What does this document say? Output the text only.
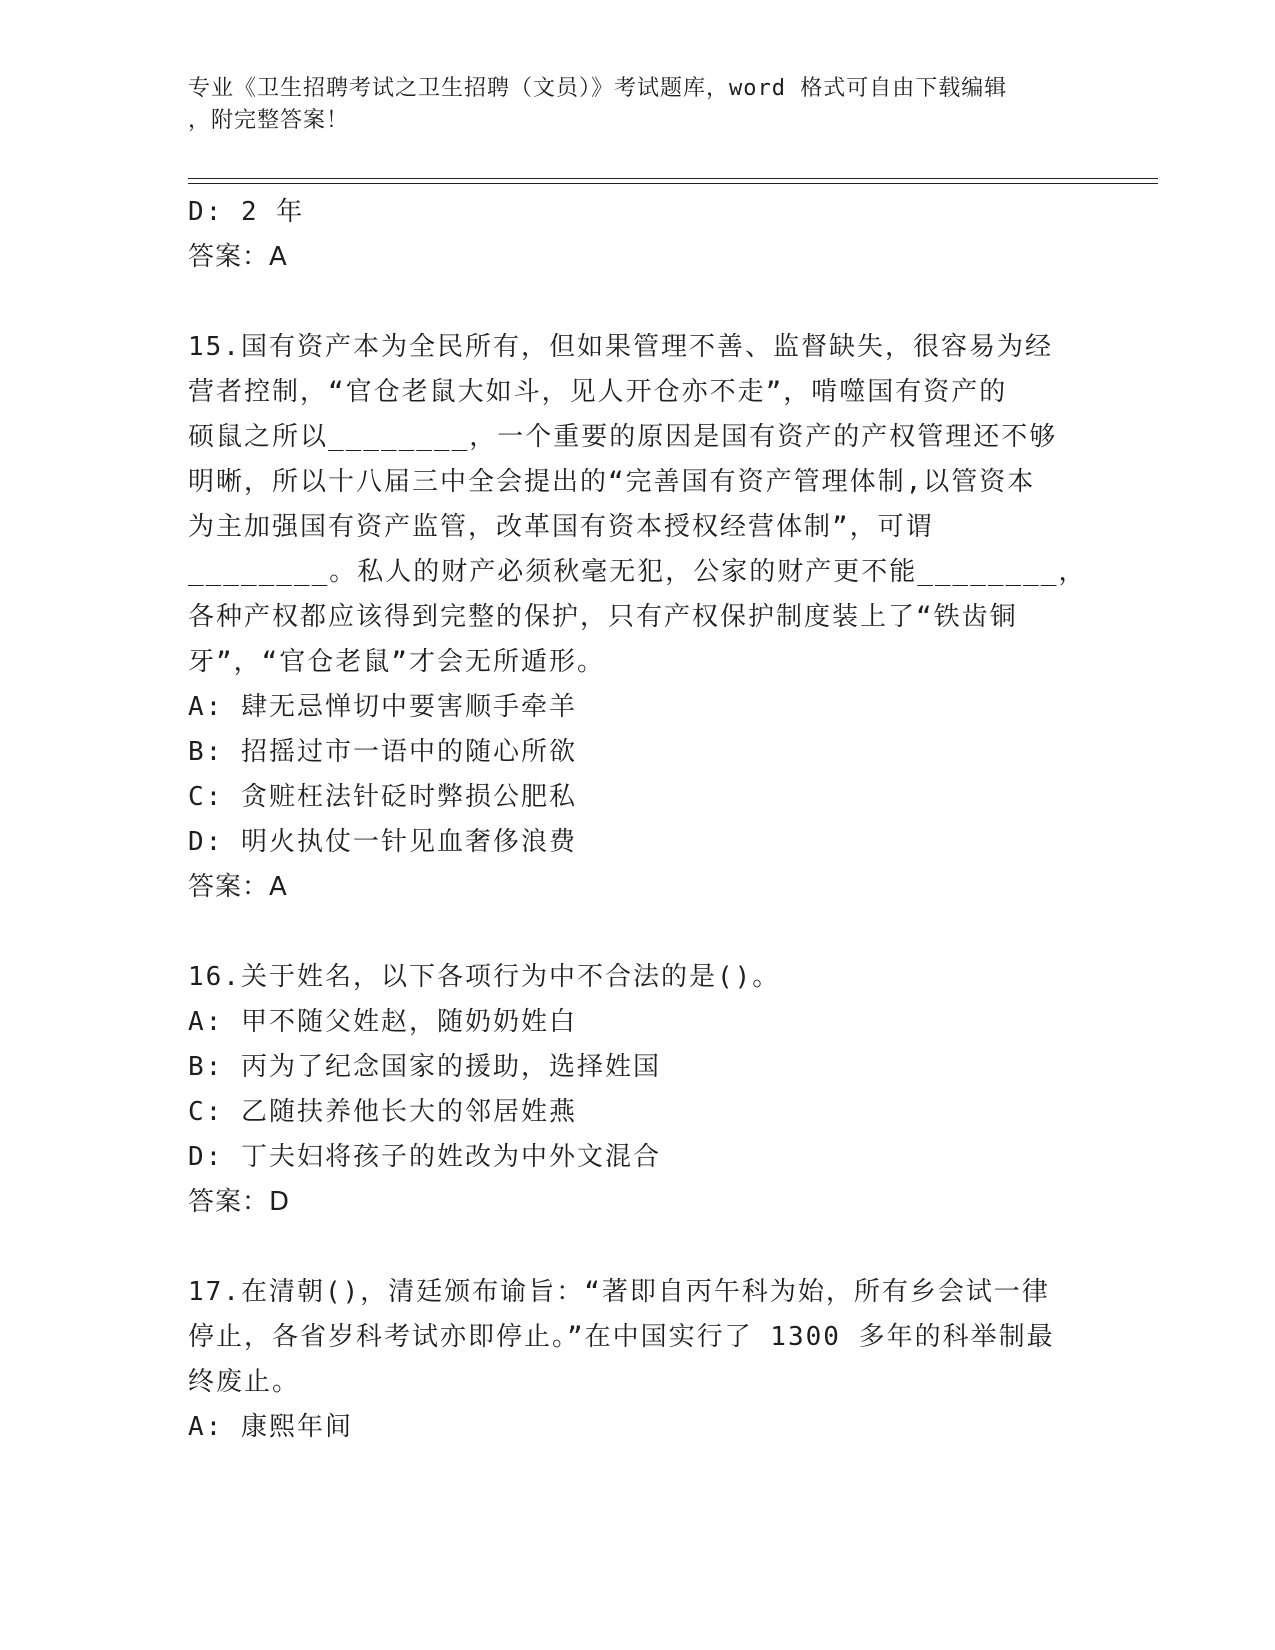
专业《卫生招聘考试之卫生招聘（文员）》考试题库，word 格式可自由下载编辑
，附完整答案！
D: 2 年
答案：A
15.国有资产本为全民所有，但如果管理不善、监督缺失，很容易为经
营者控制，“官仓老鼠大如斗，见人开仓亦不走”，啃噬国有资产的
硕鼠之所以________，一个重要的原因是国有资产的产权管理还不够
明晰，所以十八届三中全会提出的“完善国有资产管理体制,以管资本
为主加强国有资产监管，改革国有资本授权经营体制”，可谓
________。私人的财产必须秋毫无犯，公家的财产更不能________，
各种产权都应该得到完整的保护，只有产权保护制度装上了“铁齿铜
牙”，“官仓老鼠”才会无所遁形。
A: 肆无忌惮切中要害顺手牵羊
B: 招摇过市一语中的随心所欲
C: 贪赃枉法针砭时弊损公肥私
D: 明火执仗一针见血奢侈浪费
答案：A
16.关于姓名，以下各项行为中不合法的是()。
A: 甲不随父姓赵，随奶奶姓白
B: 丙为了纪念国家的援助，选择姓国
C: 乙随扶养他长大的邻居姓燕
D: 丁夫妇将孩子的姓改为中外文混合
答案：D
17.在清朝()，清廷颁布谕旨：“著即自丙午科为始，所有乡会试一律
停止，各省岁科考试亦即停止。”在中国实行了 1300 多年的科举制最
终废止。
A: 康熙年间
